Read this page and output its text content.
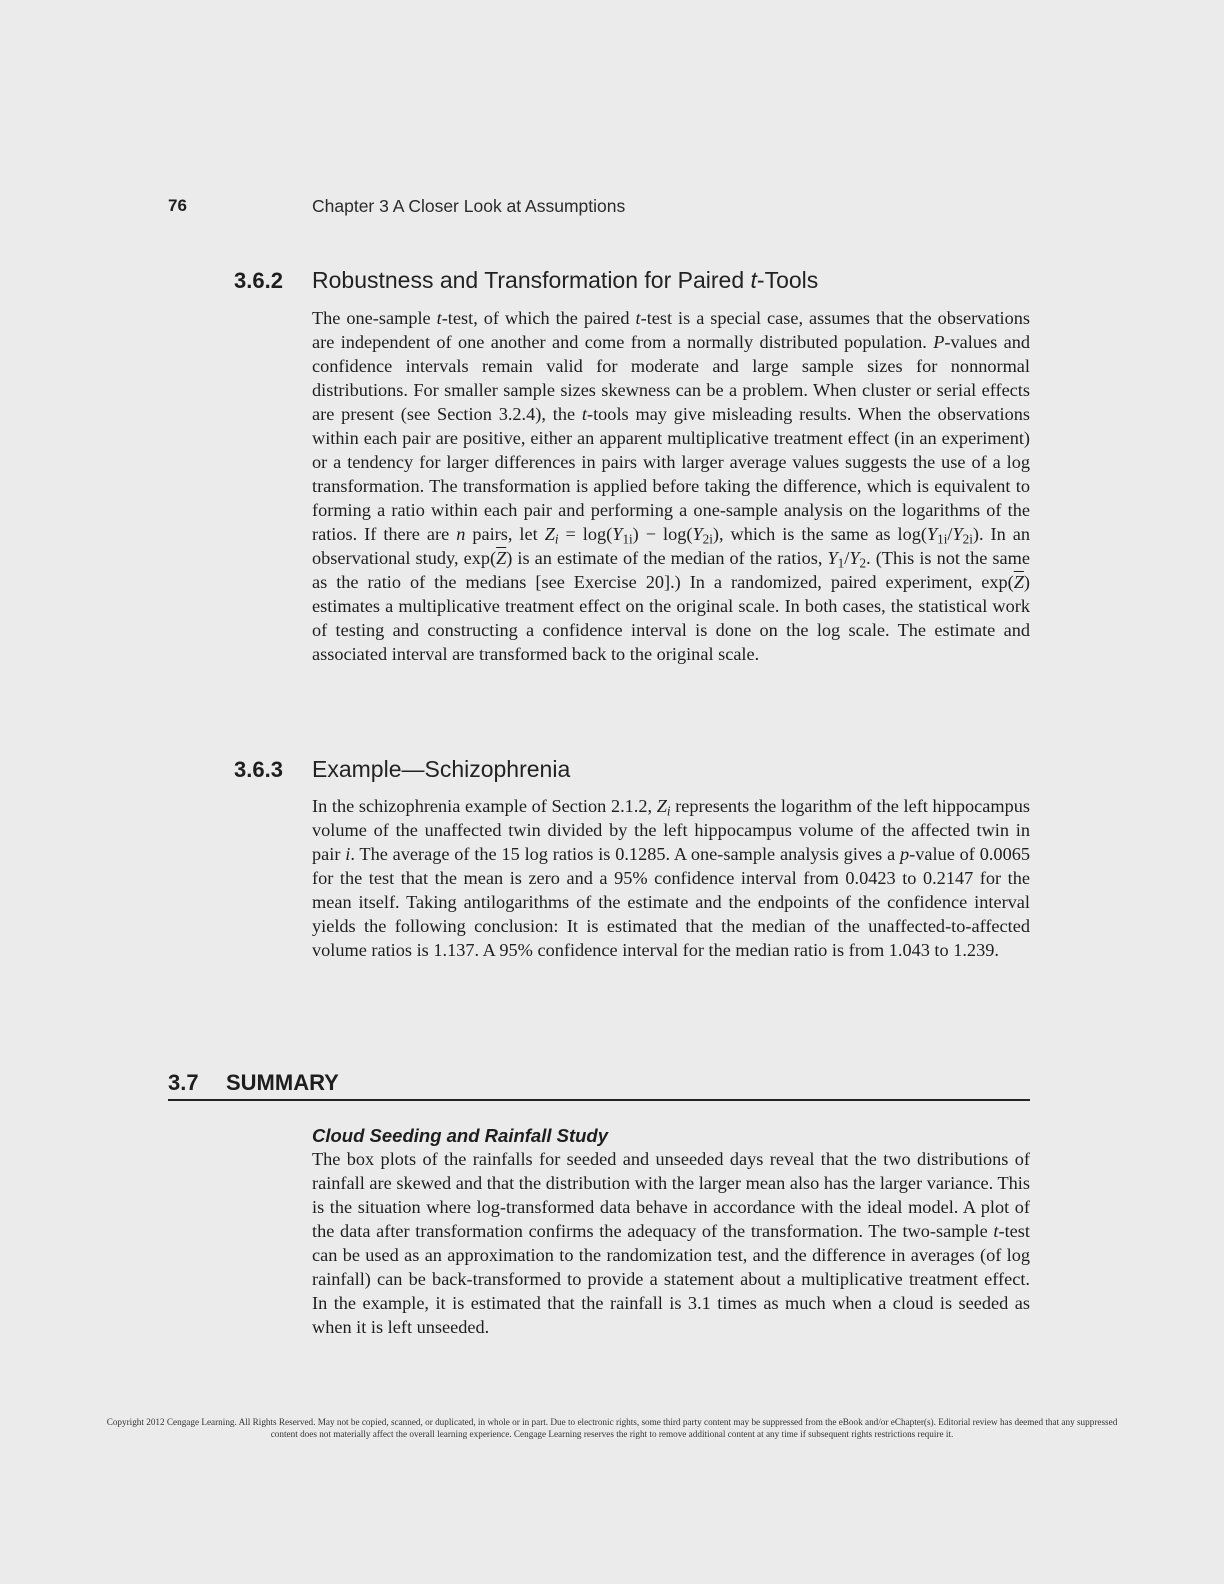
76	Chapter 3 A Closer Look at Assumptions
3.6.2 Robustness and Transformation for Paired t-Tools

The one-sample t-test, of which the paired t-test is a special case, assumes that the observations are independent of one another and come from a normally distributed population. P-values and confidence intervals remain valid for moderate and large sample sizes for nonnormal distributions. For smaller sample sizes skewness can be a problem. When cluster or serial effects are present (see Section 3.2.4), the t-tools may give misleading results. When the observations within each pair are positive, either an apparent multiplicative treatment effect (in an experiment) or a tendency for larger differences in pairs with larger average values suggests the use of a log transformation. The transformation is applied before taking the difference, which is equivalent to forming a ratio within each pair and performing a one-sample analysis on the logarithms of the ratios. If there are n pairs, let $Z_i = \log(Y_{1i}) - \log(Y_{2i})$, which is the same as $\log(Y_{1i}/Y_{2i})$. In an observational study, $\exp(\overline{Z})$ is an estimate of the median of the ratios, $Y_1/Y_2$. (This is not the same as the ratio of the medians [see Exercise 20].) In a randomized, paired experiment, $\exp(\overline{Z})$ estimates a multiplicative treatment effect on the original scale. In both cases, the statistical work of testing and constructing a confidence interval is done on the log scale. The estimate and associated interval are transformed back to the original scale.

3.6.3 Example—Schizophrenia

In the schizophrenia example of Section 2.1.2, $Z_i$ represents the logarithm of the left hippocampus volume of the unaffected twin divided by the left hippocampus volume of the affected twin in pair i. The average of the 15 log ratios is 0.1285. A one-sample analysis gives a p-value of 0.0065 for the test that the mean is zero and a 95% confidence interval from 0.0423 to 0.2147 for the mean itself. Taking antilogarithms of the estimate and the endpoints of the confidence interval yields the following conclusion: It is estimated that the median of the unaffected-to-affected volume ratios is 1.137. A 95% confidence interval for the median ratio is from 1.043 to 1.239.

3.7 SUMMARY
Cloud Seeding and Rainfall Study

The box plots of the rainfalls for seeded and unseeded days reveal that the two distributions of rainfall are skewed and that the distribution with the larger mean also has the larger variance. This is the situation where log-transformed data behave in accordance with the ideal model. A plot of the data after transformation confirms the adequacy of the transformation. The two-sample t-test can be used as an approximation to the randomization test, and the difference in averages (of log rainfall) can be back-transformed to provide a statement about a multiplicative treatment effect. In the example, it is estimated that the rainfall is 3.1 times as much when a cloud is seeded as when it is left unseeded.

Copyright 2012 Cengage Learning. All Rights Reserved. May not be copied, scanned, or duplicated, in whole or in part. Due to electronic rights, some third party content may be suppressed from the eBook and/or eChapter(s). Editorial review has deemed that any suppressed content does not materially affect the overall learning experience. Cengage Learning reserves the right to remove additional content at any time if subsequent rights restrictions require it.
